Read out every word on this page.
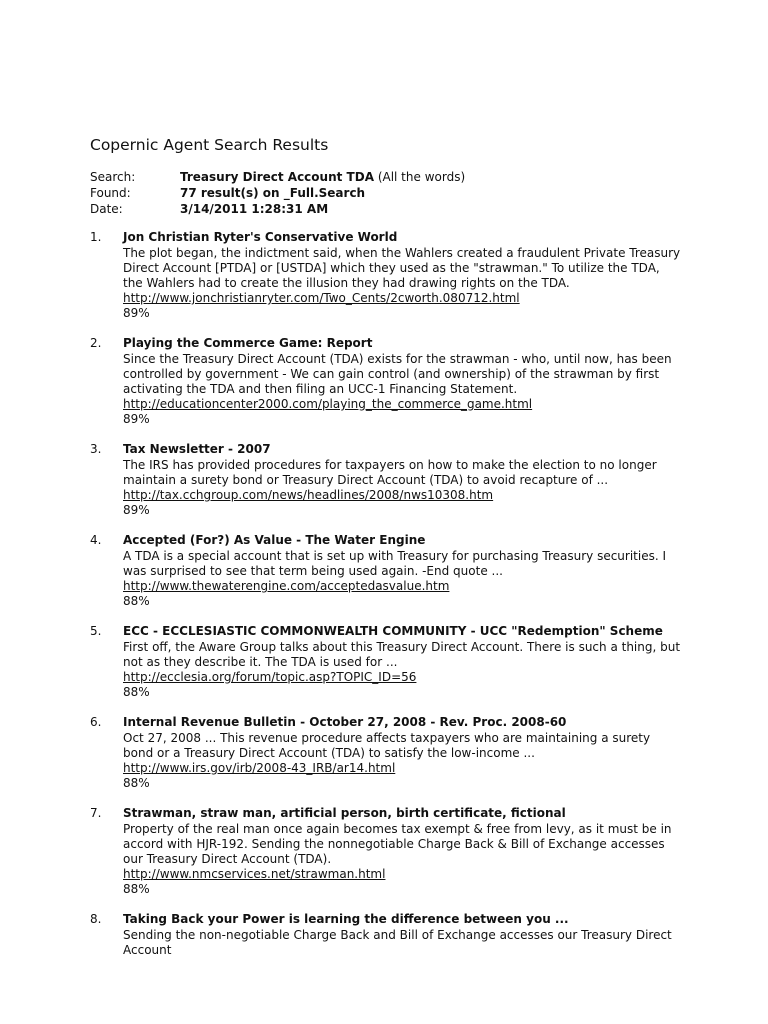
Copernic Agent Search Results
Search:	Treasury Direct Account TDA (All the words)
Found:	77 result(s) on _Full.Search
Date:	3/14/2011 1:28:31 AM
1.	Jon Christian Ryter's Conservative World
The plot began, the indictment said, when the Wahlers created a fraudulent Private Treasury Direct Account [PTDA] or [USTDA] which they used as the "strawman." To utilize the TDA, the Wahlers had to create the illusion they had drawing rights on the TDA.
http://www.jonchristianryter.com/Two_Cents/2cworth.080712.html
89%
2.	Playing the Commerce Game: Report
Since the Treasury Direct Account (TDA) exists for the strawman - who, until now, has been controlled by government - We can gain control (and ownership) of the strawman by first activating the TDA and then filing an UCC-1 Financing Statement.
http://educationcenter2000.com/playing_the_commerce_game.html
89%
3.	Tax Newsletter - 2007
The IRS has provided procedures for taxpayers on how to make the election to no longer maintain a surety bond or Treasury Direct Account (TDA) to avoid recapture of ...
http://tax.cchgroup.com/news/headlines/2008/nws10308.htm
89%
4.	Accepted (For?) As Value - The Water Engine
A TDA is a special account that is set up with Treasury for purchasing Treasury securities. I was surprised to see that term being used again. -End quote ...
http://www.thewaterengine.com/acceptedasvalue.htm
88%
5.	ECC - ECCLESIASTIC COMMONWEALTH COMMUNITY - UCC "Redemption" Scheme
First off, the Aware Group talks about this Treasury Direct Account. There is such a thing, but not as they describe it. The TDA is used for ...
http://ecclesia.org/forum/topic.asp?TOPIC_ID=56
88%
6.	Internal Revenue Bulletin - October 27, 2008 - Rev. Proc. 2008-60
Oct 27, 2008 ... This revenue procedure affects taxpayers who are maintaining a surety bond or a Treasury Direct Account (TDA) to satisfy the low-income ...
http://www.irs.gov/irb/2008-43_IRB/ar14.html
88%
7.	Strawman, straw man, artificial person, birth certificate, fictional
Property of the real man once again becomes tax exempt & free from levy, as it must be in accord with HJR-192. Sending the nonnegotiable Charge Back & Bill of Exchange accesses our Treasury Direct Account (TDA).
http://www.nmcservices.net/strawman.html
88%
8.	Taking Back your Power is learning the difference between you ...
Sending the non-negotiable Charge Back and Bill of Exchange accesses our Treasury Direct Account
